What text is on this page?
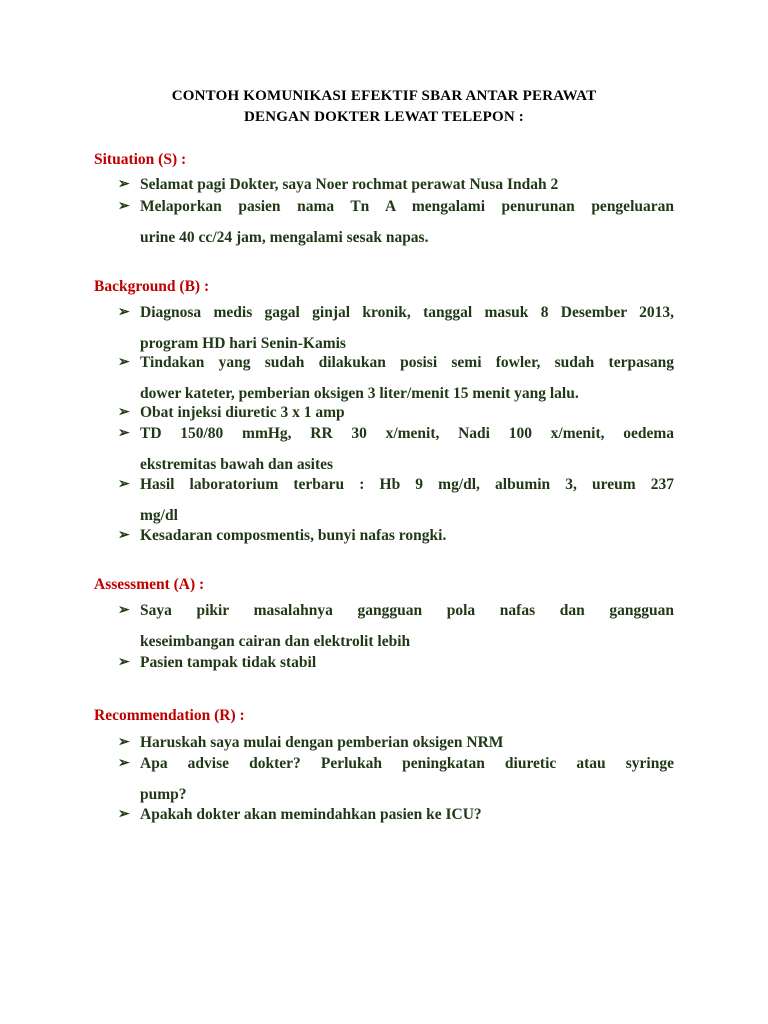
CONTOH KOMUNIKASI EFEKTIF SBAR ANTAR PERAWAT
DENGAN DOKTER LEWAT TELEPON :
Situation (S) :
➢ Selamat pagi Dokter, saya Noer rochmat perawat Nusa Indah 2
➢ Melaporkan pasien nama Tn A mengalami penurunan pengeluaran
urine 40 cc/24 jam, mengalami sesak napas.
Background (B) :
➢ Diagnosa medis gagal ginjal kronik, tanggal masuk 8 Desember 2013,
program HD hari Senin-Kamis
➢ Tindakan yang sudah dilakukan posisi semi fowler, sudah terpasang
dower kateter, pemberian oksigen 3 liter/menit 15 menit yang lalu.
➢ Obat injeksi diuretic 3 x 1 amp
➢ TD 150/80 mmHg, RR 30 x/menit, Nadi 100 x/menit, oedema
ekstremitas bawah dan asites
➢ Hasil laboratorium terbaru : Hb 9 mg/dl, albumin 3, ureum 237
mg/dl
➢ Kesadaran composmentis, bunyi nafas rongki.
Assessment (A) :
➢ Saya pikir masalahnya gangguan pola nafas dan gangguan
keseimbangan cairan dan elektrolit lebih
➢ Pasien tampak tidak stabil
Recommendation (R) :
➢ Haruskah saya mulai dengan pemberian oksigen NRM
➢ Apa advise dokter? Perlukah peningkatan diuretic atau syringe
pump?
➢ Apakah dokter akan memindahkan pasien ke ICU?
